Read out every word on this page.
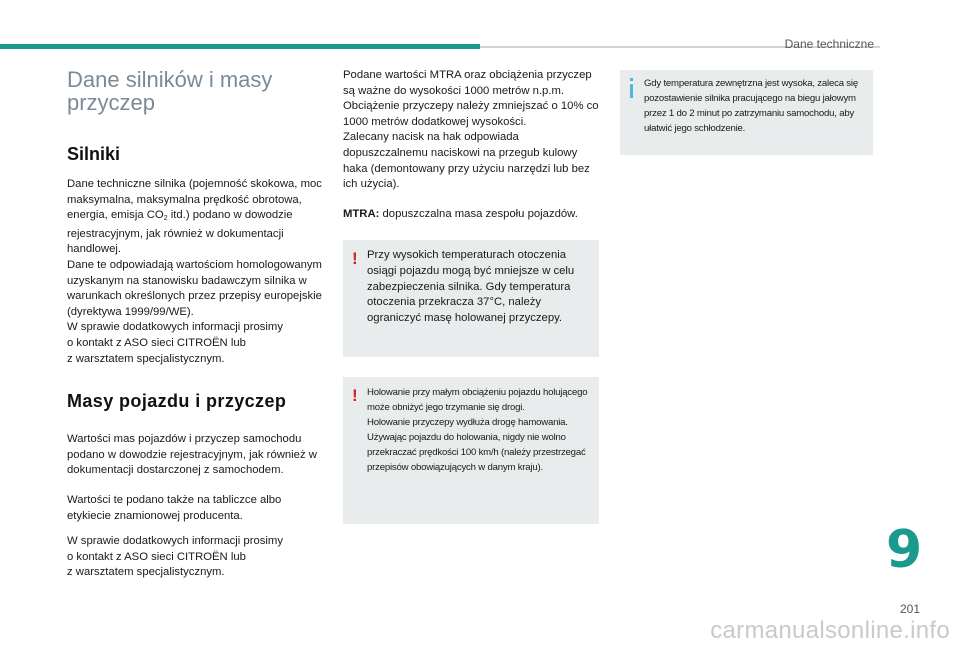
Dane techniczne
Dane silników i masy przyczep
Silniki

Dane techniczne silnika (pojemność skokowa, moc maksymalna, maksymalna prędkość obrotowa, energia, emisja CO2 itd.) podano w dowodzie rejestracyjnym, jak również w dokumentacji handlowej.

Dane te odpowiadają wartościom homologowanym uzyskanym na stanowisku badawczym silnika w warunkach określonych przez przepisy europejskie (dyrektywa 1999/99/WE).

W sprawie dodatkowych informacji prosimy
o kontakt z ASO sieci CITROËN lub
z warsztatem specjalistycznym.

Masy pojazdu i przyczep

Wartości mas pojazdów i przyczep samochodu podano w dowodzie rejestracyjnym, jak również w dokumentacji dostarczonej z samochodem.

Wartości te podano także na tabliczce albo etykiecie znamionowej producenta.

W sprawie dodatkowych informacji prosimy
o kontakt z ASO sieci CITROËN lub
z warsztatem specjalistycznym.

Podane wartości MTRA oraz obciążenia przyczep są ważne do wysokości 1000 metrów n.p.m. Obciążenie przyczepy należy zmniejszać o 10% co 1000 metrów dodatkowej wysokości.

Zalecany nacisk na hak odpowiada dopuszczalnemu naciskowi na przegub kulowy haka (demontowany przy użyciu narzędzi lub bez ich użycia).

MTRA: dopuszczalna masa zespołu pojazdów.

! Przy wysokich temperaturach otoczenia osiągi pojazdu mogą być mniejsze w celu zabezpieczenia silnika. Gdy temperatura otoczenia przekracza 37°C, należy ograniczyć masę holowanej przyczepy.

! Holowanie przy małym obciążeniu pojazdu holującego może obniżyć jego trzymanie się drogi.

Holowanie przyczepy wydłuża drogę hamowania. Używając pojazdu do holowania, nigdy nie wolno przekraczać prędkości 100 km/h (należy przestrzegać przepisów obowiązujących w danym kraju).

Gdy temperatura zewnętrzna jest wysoka, zaleca się pozostawienie silnika pracującego na biegu jałowym przez 1 do 2 minut po zatrzymaniu samochodu, aby ułatwić jego schłodzenie.

9
201
carmanualsonline.info
